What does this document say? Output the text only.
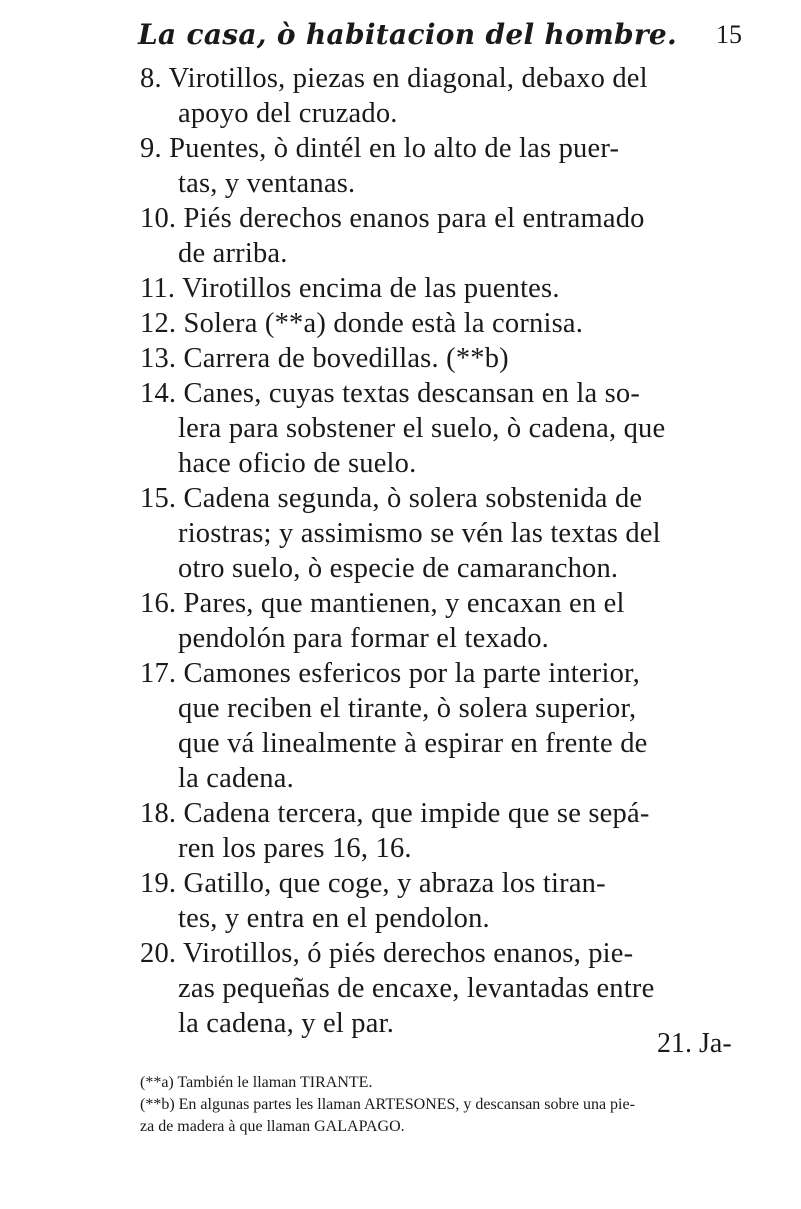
La casa, ò habitacion del hombre. 15
8. Virotillos, piezas en diagonal, debaxo del
apoyo del cruzado.
9. Puentes, ò dintél en lo alto de las puer-
tas, y ventanas.
10. Piés derechos enanos para el entramado
de arriba.
11. Virotillos encima de las puentes.
12. Solera (**a) donde està la cornisa.
13. Carrera de bovedillas. (**b)
14. Canes, cuyas textas descansan en la so-
lera para sobstener el suelo, ò cadena, que
hace oficio de suelo.
15. Cadena segunda, ò solera sobstenida de
riostras; y assimismo se vén las textas del
otro suelo, ò especie de camaranchon.
16. Pares, que mantienen, y encaxan en el
pendolón para formar el texado.
17. Camones esfericos por la parte interior,
que reciben el tirante, ò solera superior,
que vá linealmente à espirar en frente de
la cadena.
18. Cadena tercera, que impide que se sepá-
ren los pares 16, 16.
19. Gatillo, que coge, y abraza los tiran-
tes, y entra en el pendolon.
20. Virotillos, ó piés derechos enanos, pie-
zas pequeñas de encaxe, levantadas entre
la cadena, y el par.
21. Ja-
(**a) También le llaman TIRANTE.
(**b) En algunas partes les llaman ARTESONES, y descansan sobre una pie-
za de madera à que llaman GALAPAGO.
